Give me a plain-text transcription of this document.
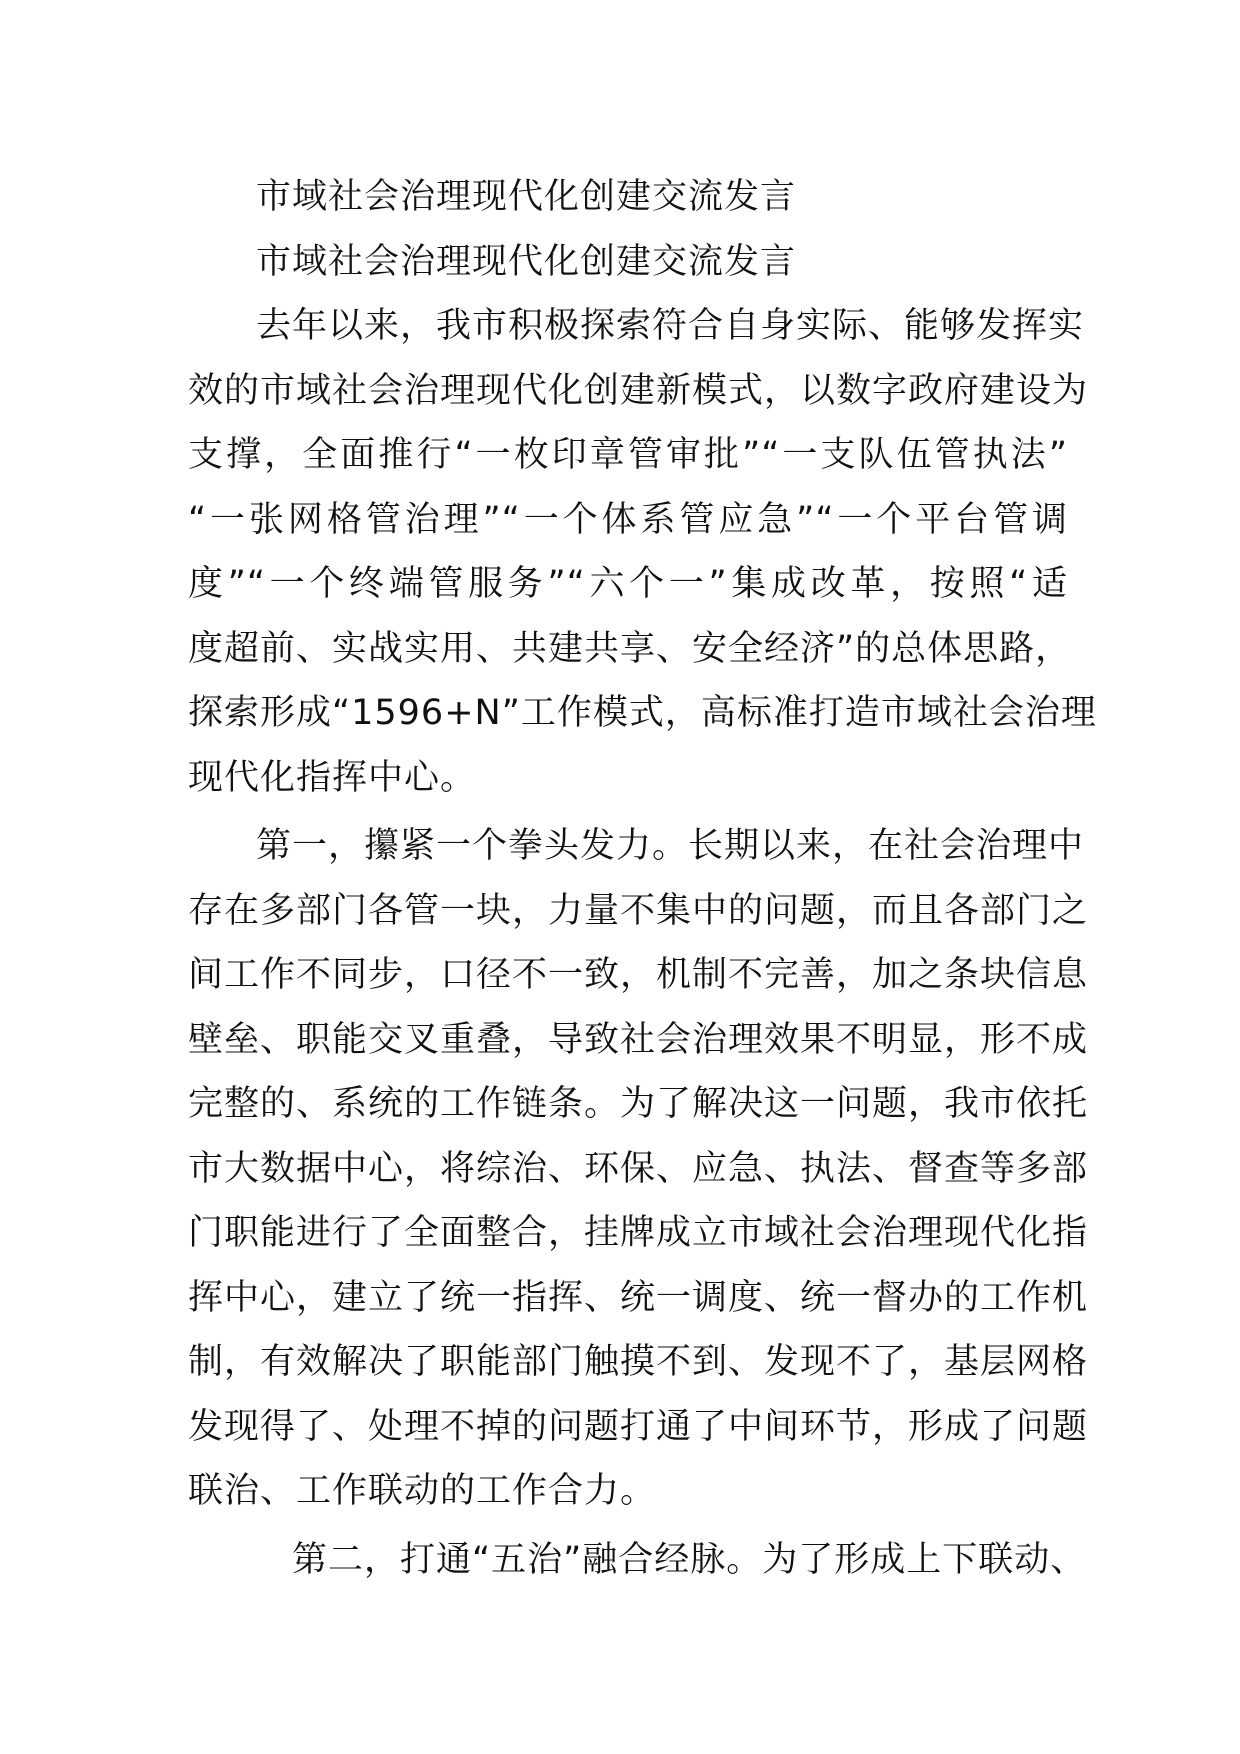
市域社会治理现代化创建交流发言
市域社会治理现代化创建交流发言
去年以来，我市积极探索符合自身实际、能够发挥实
效的市域社会治理现代化创建新模式，以数字政府建设为
支撑，全面推行“一枚印章管审批”“一支队伍管执法”
“一张网格管治理”“一个体系管应急”“一个平台管调
度”“一个终端管服务”“六个一”集成改革，按照“适
度超前、实战实用、共建共享、安全经济”的总体思路，
探索形成“1596+N”工作模式，高标准打造市域社会治理
现代化指挥中心。
第一，攥紧一个拳头发力。长期以来，在社会治理中
存在多部门各管一块，力量不集中的问题，而且各部门之
间工作不同步，口径不一致，机制不完善，加之条块信息
壁垒、职能交叉重叠，导致社会治理效果不明显，形不成
完整的、系统的工作链条。为了解决这一问题，我市依托
市大数据中心，将综治、环保、应急、执法、督查等多部
门职能进行了全面整合，挂牌成立市域社会治理现代化指
挥中心，建立了统一指挥、统一调度、统一督办的工作机
制，有效解决了职能部门触摸不到、发现不了，基层网格
发现得了、处理不掉的问题打通了中间环节，形成了问题
联治、工作联动的工作合力。
第二，打通“五治”融合经脉。为了形成上下联动、
